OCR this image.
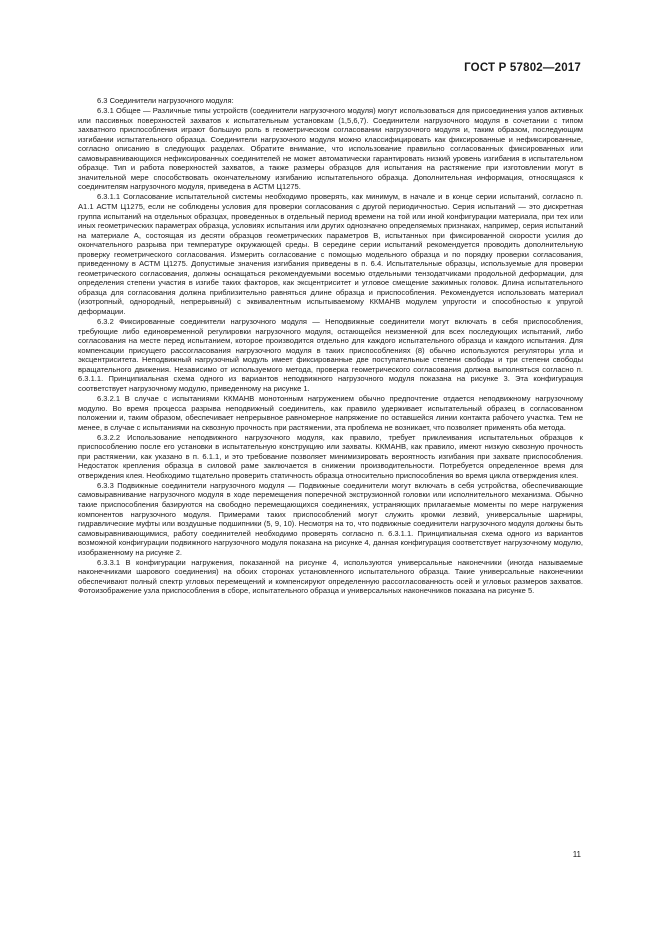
ГОСТ Р 57802—2017

6.3 Соединители нагрузочного модуля:

6.3.1 Общее — Различные типы устройств (соединители нагрузочного модуля) могут использоваться для присоединения узлов активных или пассивных поверхностей захватов к испытательным установкам (1,5,6,7). Соединители нагрузочного модуля в сочетании с типом захватного приспособления играют большую роль в геометрическом согласовании нагрузочного модуля и, таким образом, последующим изгибании испытательного образца. Соединители нагрузочного модуля можно классифицировать как фиксированные и нефиксированные, согласно описанию в следующих разделах. Обратите внимание, что использование правильно согласованных фиксированных или самовыравнивающихся нефиксированных соединителей не может автоматически гарантировать низкий уровень изгибания в испытательном образце. Тип и работа поверхностей захватов, а также размеры образцов для испытания на растяжение при изготовлении могут в значительной мере способствовать окончательному изгибанию испытательного образца. Дополнительная информация, относящаяся к соединителям нагрузочного модуля, приведена в АСТМ Ц1275.

6.3.1.1 Согласование испытательной системы необходимо проверять, как минимум, в начале и в конце серии испытаний, согласно п. А1.1 АСТМ Ц1275, если не соблюдены условия для проверки согласования с другой периодичностью. Серия испытаний — это дискретная группа испытаний на отдельных образцах, проведенных в отдельный период времени на той или иной конфигурации материала, при тех или иных геометрических параметрах образца, условиях испытания или других однозначно определяемых признаках, например, серия испытаний на материале А, состоящая из десяти образцов геометрических параметров В, испытанных при фиксированной скорости усилия до окончательного разрыва при температуре окружающей среды. В середине серии испытаний рекомендуется проводить дополнительную проверку геометрического согласования. Измерить согласование с помощью модельного образца и по порядку проверки согласования, приведенному в АСТМ Ц1275. Допустимые значения изгибания приведены в п. 6.4. Испытательные образцы, используемые для проверки геометрического согласования, должны оснащаться рекомендуемыми восемью отдельными тензодатчиками продольной деформации, для определения степени участия в изгибе таких факторов, как эксцентриситет и угловое смещение зажимных головок. Длина испытательного образца для согласования должна приблизительно равняться длине образца и приспособления. Рекомендуется использовать материал (изотропный, однородный, непрерывный) с эквивалентным испытываемому ККМАНВ модулем упругости и способностью к упругой деформации.

6.3.2 Фиксированные соединители нагрузочного модуля — Неподвижные соединители могут включать в себя приспособления, требующие либо единовременной регулировки нагрузочного модуля, остающейся неизменной для всех последующих испытаний, либо согласования на месте перед испытанием, которое производится отдельно для каждого испытательного образца и каждого испытания. Для компенсации присущего рассогласования нагрузочного модуля в таких приспособлениях (8) обычно используются регуляторы угла и эксцентриситета. Неподвижный нагрузочный модуль имеет фиксированные две поступательные степени свободы и три степени свободы вращательного движения. Независимо от используемого метода, проверка геометрического согласования должна выполняться согласно п. 6.3.1.1. Принципиальная схема одного из вариантов неподвижного нагрузочного модуля показана на рисунке 3. Эта конфигурация соответствует нагрузочному модулю, приведенному на рисунке 1.

6.3.2.1 В случае с испытаниями ККМАНВ монотонным нагружением обычно предпочтение отдается неподвижному нагрузочному модулю. Во время процесса разрыва неподвижный соединитель, как правило удерживает испытательный образец в согласованном положении и, таким образом, обеспечивает непрерывное равномерное напряжение по оставшейся линии контакта рабочего участка. Тем не менее, в случае с испытаниями на сквозную прочность при растяжении, эта проблема не возникает, что позволяет применять оба метода.

6.3.2.2 Использование неподвижного нагрузочного модуля, как правило, требует приклеивания испытательных образцов к приспособлению после его установки в испытательную конструкцию или захваты. ККМАНВ, как правило, имеют низкую сквозную прочность при растяжении, как указано в п. 6.1.1, и это требование позволяет минимизировать вероятность изгибания при захвате приспособления. Недостаток крепления образца в силовой раме заключается в снижении производительности. Потребуется определенное время для отверждения клея. Необходимо тщательно проверить статичность образца относительно приспособления во время цикла отверждения клея.

6.3.3 Подвижные соединители нагрузочного модуля — Подвижные соединители могут включать в себя устройства, обеспечивающие самовыравнивание нагрузочного модуля в ходе перемещения поперечной экструзионной головки или исполнительного механизма. Обычно такие приспособления базируются на свободно перемещающихся соединениях, устраняющих прилагаемые моменты по мере нагружения компонентов нагрузочного модуля. Примерами таких приспособлений могут служить кромки лезвий, универсальные шарниры, гидравлические муфты или воздушные подшипники (5, 9, 10). Несмотря на то, что подвижные соединители нагрузочного модуля должны быть самовыравнивающимися, работу соединителей необходимо проверять согласно п. 6.3.1.1. Принципиальная схема одного из вариантов возможной конфигурации подвижного нагрузочного модуля показана на рисунке 4, данная конфигурация соответствует нагрузочному модулю, изображенному на рисунке 2.

6.3.3.1 В конфигурации нагружения, показанной на рисунке 4, используются универсальные наконечники (иногда называемые наконечниками шарового соединения) на обоих сторонах установленного испытательного образца. Такие универсальные наконечники обеспечивают полный спектр угловых перемещений и компенсируют определенную рассогласованность осей и угловых размеров захватов. Фотоизображение узла приспособления в сборе, испытательного образца и универсальных наконечников показана на рисунке 5.

11
